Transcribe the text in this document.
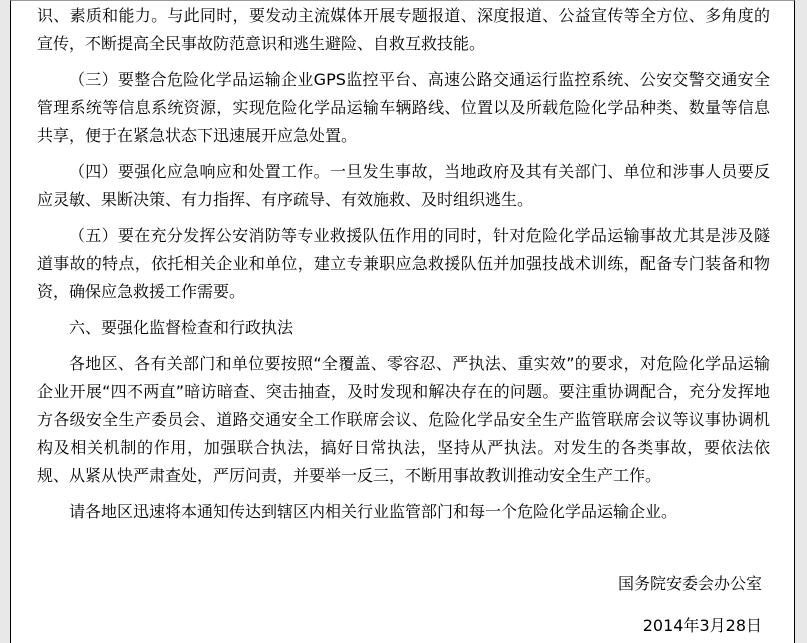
识、素质和能力。与此同时，要发动主流媒体开展专题报道、深度报道、公益宣传等全方位、多角度的宣传，不断提高全民事故防范意识和逃生避险、自救互救技能。

（三）要整合危险化学品运输企业GPS监控平台、高速公路交通运行监控系统、公安交警交通安全管理系统等信息系统资源，实现危险化学品运输车辆路线、位置以及所载危险化学品种类、数量等信息共享，便于在紧急状态下迅速展开应急处置。

（四）要强化应急响应和处置工作。一旦发生事故，当地政府及其有关部门、单位和涉事人员要反应灵敏、果断决策、有力指挥、有序疏导、有效施救、及时组织逃生。

（五）要在充分发挥公安消防等专业救援队伍作用的同时，针对危险化学品运输事故尤其是涉及隧道事故的特点，依托相关企业和单位，建立专兼职应急救援队伍并加强技战术训练，配备专门装备和物资，确保应急救援工作需要。

六、要强化监督检查和行政执法

各地区、各有关部门和单位要按照“全覆盖、零容忍、严执法、重实效”的要求，对危险化学品运输企业开展“四不两直”暗访暗查、突击抽查，及时发现和解决存在的问题。要注重协调配合，充分发挥地方各级安全生产委员会、道路交通安全工作联席会议、危险化学品安全生产监管联席会议等议事协调机构及相关机制的作用，加强联合执法，搞好日常执法，坚持从严执法。对发生的各类事故，要依法依规、从紧从快严肃查处，严厉问责，并要举一反三，不断用事故教训推动安全生产工作。

请各地区迅速将本通知传达到辖区内相关行业监管部门和每一个危险化学品运输企业。

国务院安委会办公室
2014年3月28日
